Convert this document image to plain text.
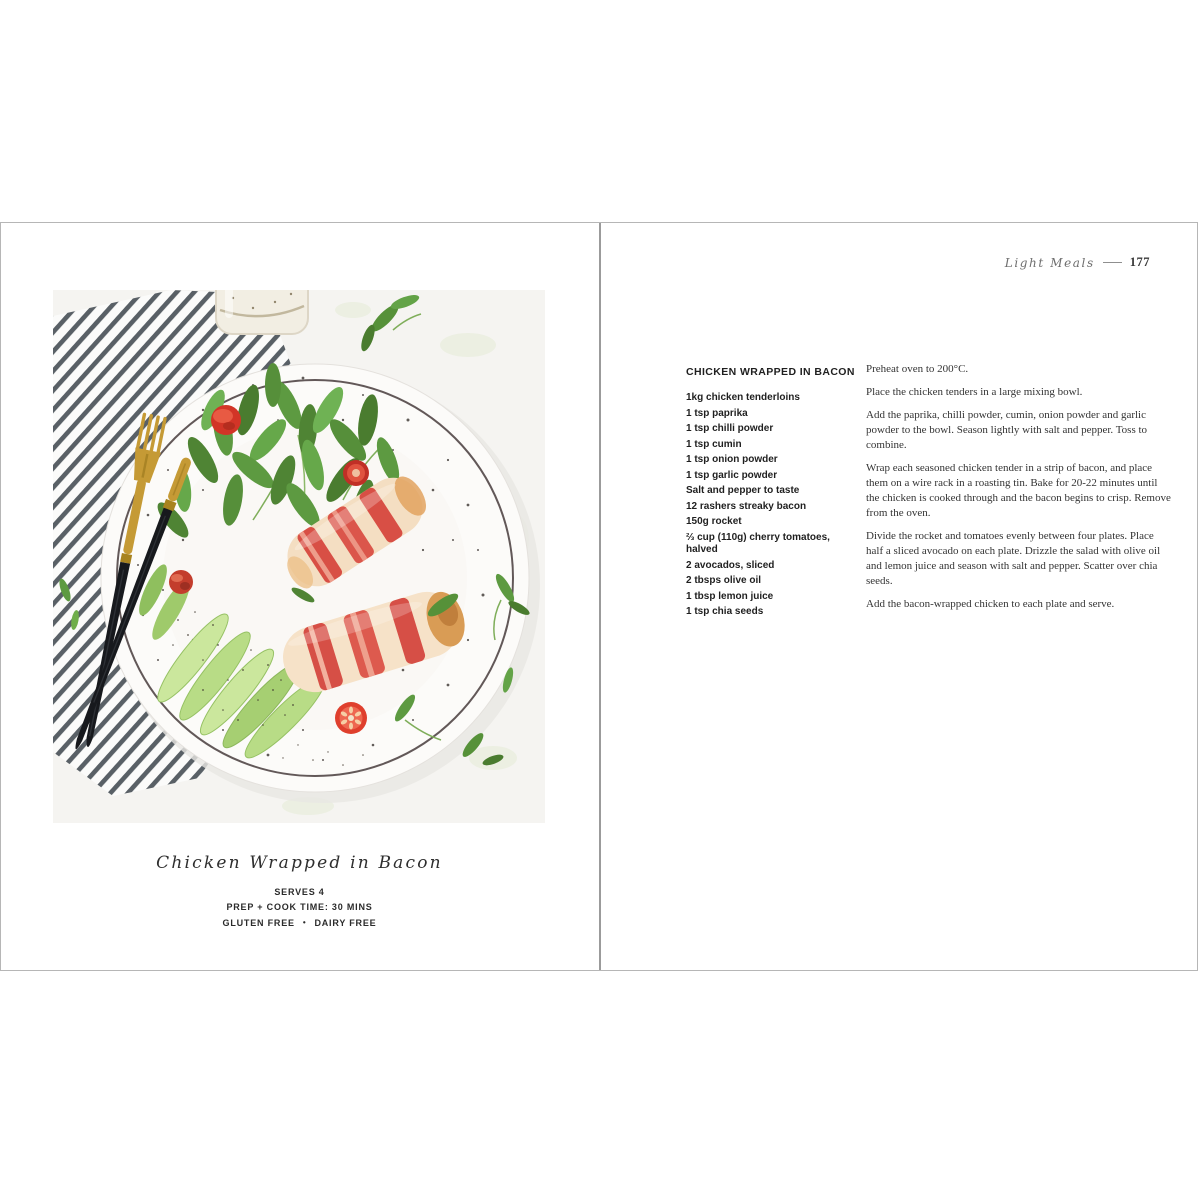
Chicken Wrapped in Bacon
SERVES 4
PREP + COOK TIME: 30 MINS
GLUTEN FREE • DAIRY FREE
Light Meals	177
CHICKEN WRAPPED IN BACON
1kg chicken tenderloins
1 tsp paprika
1 tsp chilli powder
1 tsp cumin
1 tsp onion powder
1 tsp garlic powder
Salt and pepper to taste
12 rashers streaky bacon
150g rocket
⅔ cup (110g) cherry tomatoes, halved
2 avocados, sliced
2 tbsps olive oil
1 tbsp lemon juice
1 tsp chia seeds

Preheat oven to 200°C.

Place the chicken tenders in a large mixing bowl.

Add the paprika, chilli powder, cumin, onion powder and garlic powder to the bowl. Season lightly with salt and pepper. Toss to combine.

Wrap each seasoned chicken tender in a strip of bacon, and place them on a wire rack in a roasting tin. Bake for 20-22 minutes until the chicken is cooked through and the bacon begins to crisp. Remove from the oven.

Divide the rocket and tomatoes evenly between four plates. Place half a sliced avocado on each plate. Drizzle the salad with olive oil and lemon juice and season with salt and pepper. Scatter over chia seeds.

Add the bacon-wrapped chicken to each plate and serve.
